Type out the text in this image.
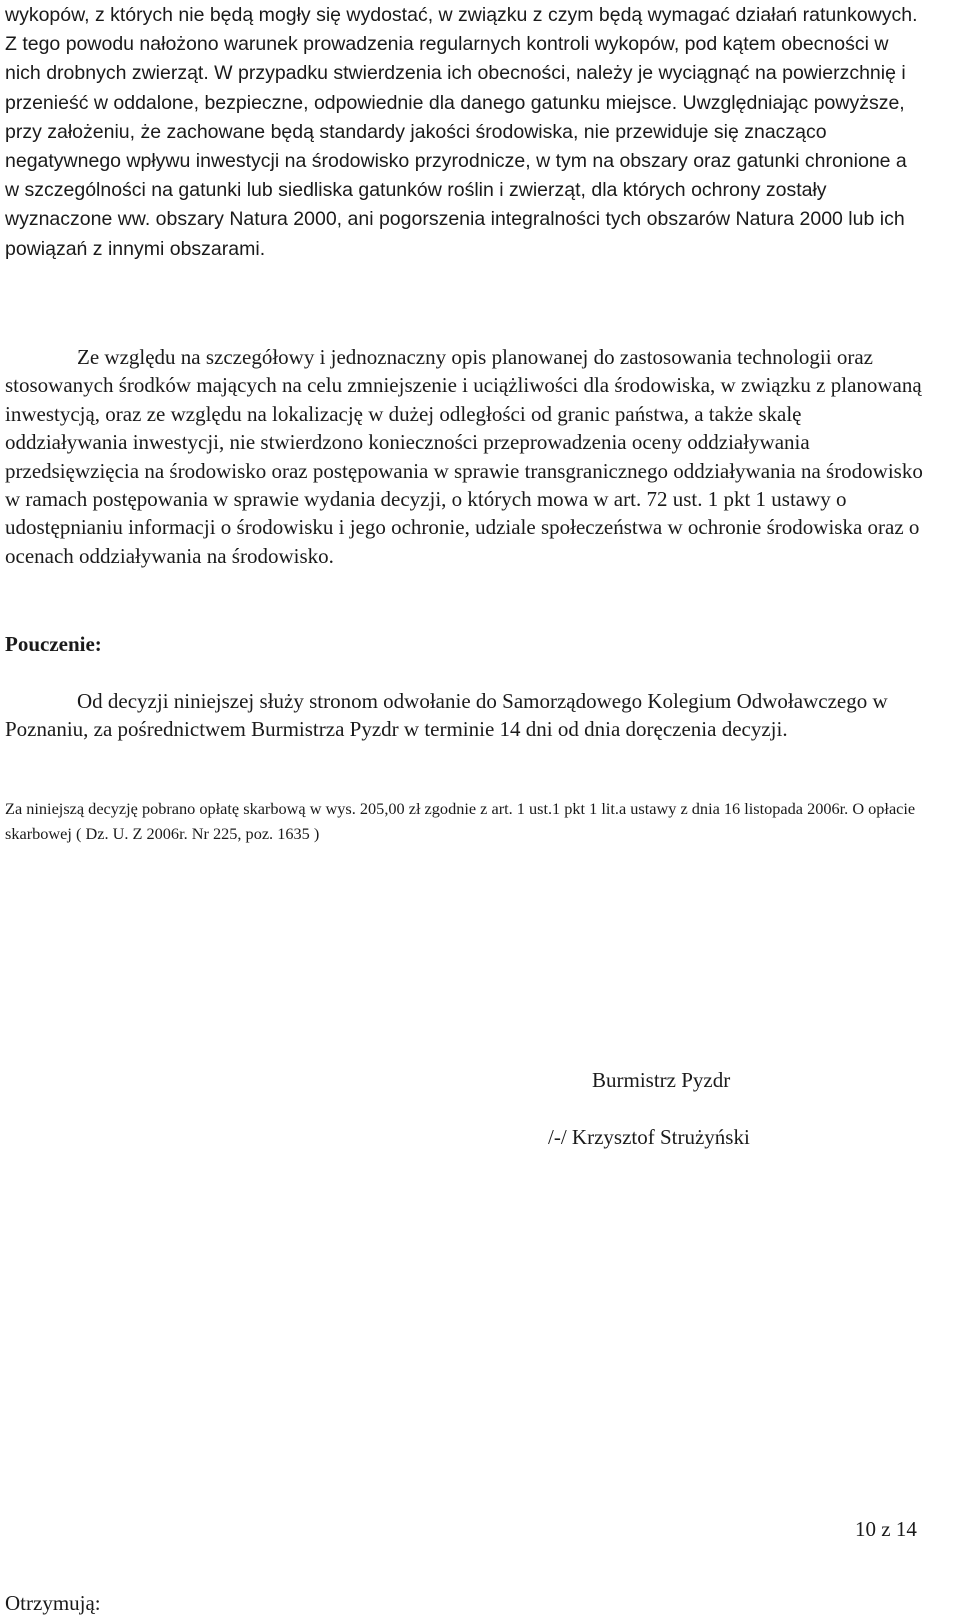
wykopów, z których nie będą mogły się wydostać, w związku z czym będą wymagać działań ratunkowych. Z tego powodu nałożono warunek prowadzenia regularnych kontroli wykopów, pod kątem obecności w nich drobnych zwierząt. W przypadku stwierdzenia ich obecności, należy je wyciągnąć na powierzchnię i przenieść w oddalone, bezpieczne, odpowiednie dla danego gatunku miejsce. Uwzględniając powyższe, przy założeniu, że zachowane będą standardy jakości środowiska, nie przewiduje się znacząco negatywnego wpływu inwestycji na środowisko przyrodnicze, w tym na obszary oraz gatunki chronione a w szczególności na gatunki lub siedliska gatunków roślin i zwierząt, dla których ochrony zostały wyznaczone ww. obszary Natura 2000, ani pogorszenia integralności tych obszarów Natura 2000 lub ich powiązań z innymi obszarami.

Ze względu na szczegółowy i jednoznaczny opis planowanej do zastosowania technologii oraz stosowanych środków mających na celu zmniejszenie i uciążliwości dla środowiska, w związku z planowaną inwestycją, oraz ze względu na lokalizację w dużej odległości od granic państwa, a także skalę oddziaływania inwestycji, nie stwierdzono konieczności przeprowadzenia oceny oddziaływania przedsięwzięcia na środowisko oraz postępowania w sprawie transgranicznego oddziaływania na środowisko w ramach postępowania w sprawie wydania decyzji, o których mowa w art. 72 ust. 1 pkt 1 ustawy o udostępnianiu informacji o środowisku i jego ochronie, udziale społeczeństwa w ochronie środowiska oraz o ocenach oddziaływania na środowisko.

Pouczenie:

Od decyzji niniejszej służy stronom odwołanie do Samorządowego Kolegium Odwoławczego w Poznaniu, za pośrednictwem Burmistrza Pyzdr w terminie 14 dni od dnia doręczenia decyzji.

Za niniejszą decyzję pobrano opłatę skarbową w wys. 205,00 zł zgodnie z art. 1 ust.1 pkt 1 lit.a ustawy z dnia 16 listopada 2006r. O opłacie skarbowej ( Dz. U. Z 2006r. Nr 225, poz. 1635 )

Burmistrz Pyzdr

/-/ Krzysztof Strużyński

10 z 14

Otrzymują:
